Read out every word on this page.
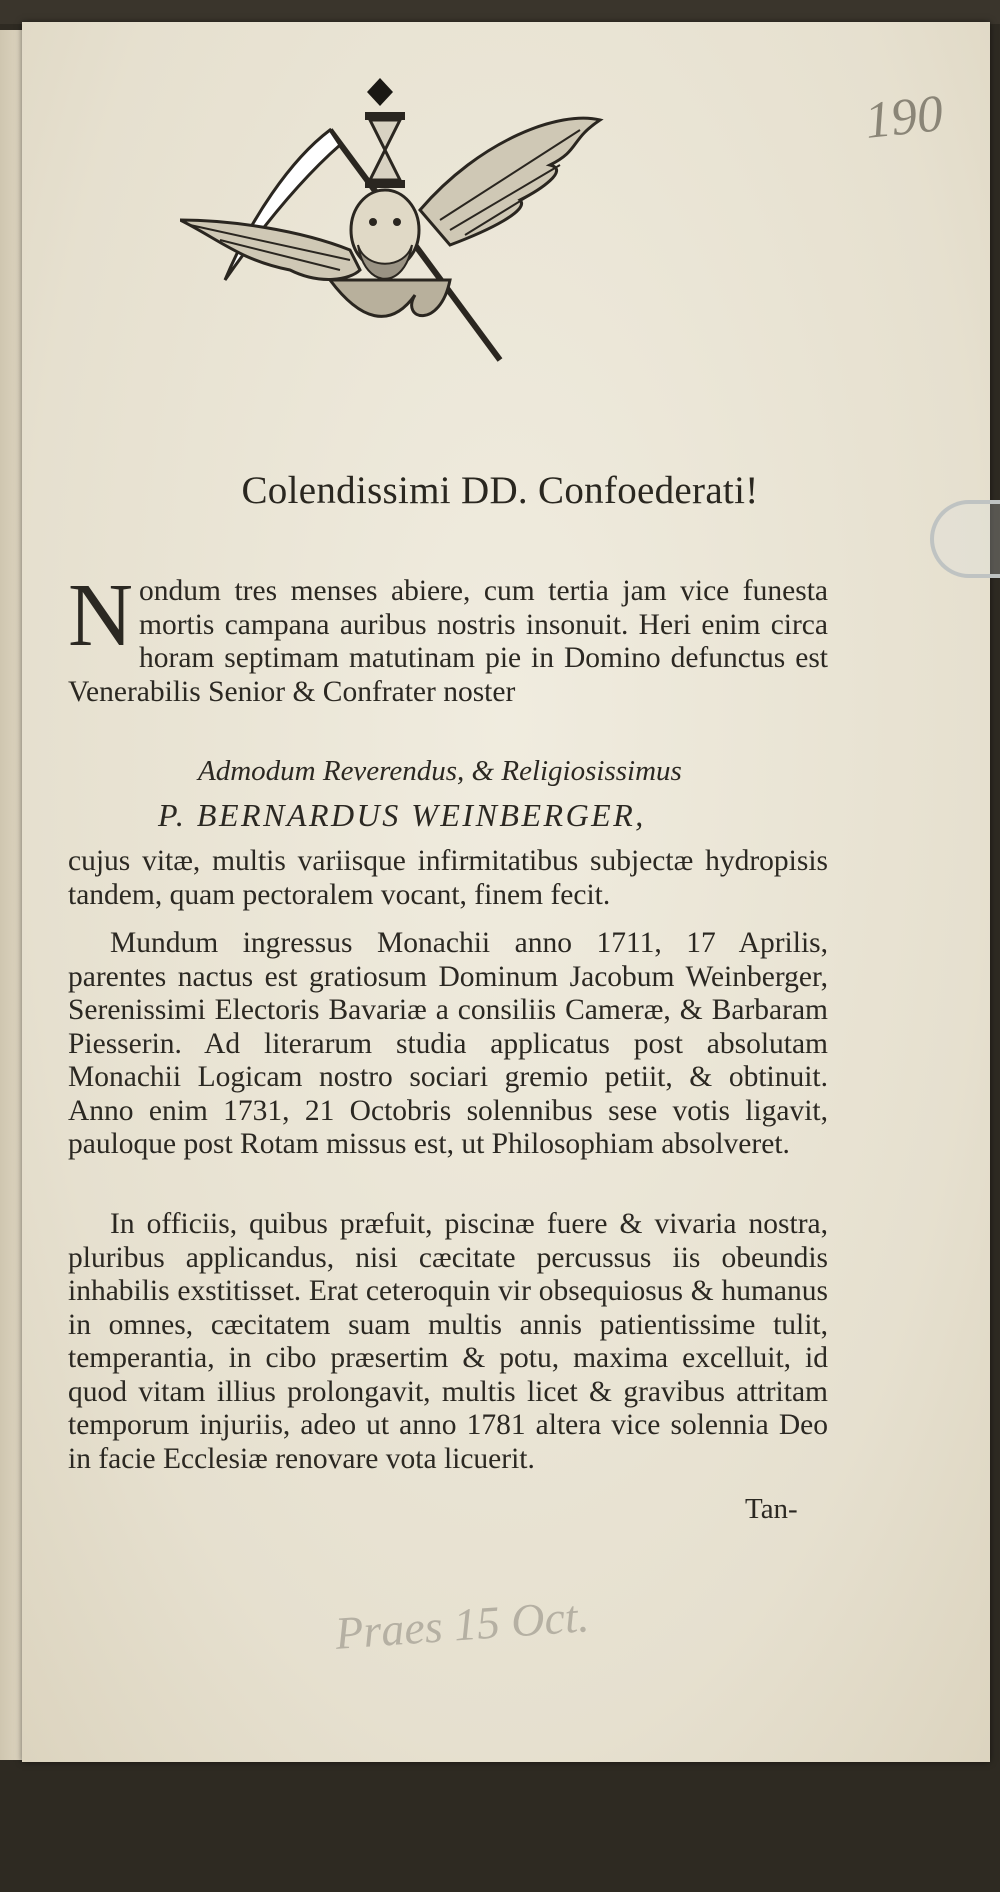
190
Colendissimi DD. Confoederati!
Nondum tres menses abiere, cum tertia jam vice funesta mortis campana auribus nostris insonuit. Heri enim circa horam septimam matutinam pie in Domino defunctus est Venerabilis Senior & Confrater noster
Admodum Reverendus, & Religiosissimus
P. BERNARDUS WEINBERGER,
cujus vitæ, multis variisque infirmitatibus subjectæ hydropisis tandem, quam pectoralem vocant, finem fecit.
Mundum ingressus Monachii anno 1711, 17 Aprilis, parentes nactus est gratiosum Dominum Jacobum Weinberger, Serenissimi Electoris Bavariæ a consiliis Cameræ, & Barbaram Piesserin. Ad literarum studia applicatus post absolutam Monachii Logicam nostro sociari gremio petiit, & obtinuit. Anno enim 1731, 21 Octobris solennibus sese votis ligavit, pauloque post Rotam missus est, ut Philosophiam absolveret.
In officiis, quibus præfuit, piscinæ fuere & vivaria nostra, pluribus applicandus, nisi cæcitate percussus iis obeundis inhabilis exstitisset. Erat ceteroquin vir obsequiosus & humanus in omnes, cæcitatem suam multis annis patientissime tulit, temperantia, in cibo præsertim & potu, maxima excelluit, id quod vitam illius prolongavit, multis licet & gravibus attritam temporum injuriis, adeo ut anno 1781 altera vice solennia Deo in facie Ecclesiæ renovare vota licuerit.
Tan-
Praes 15 Oct.
